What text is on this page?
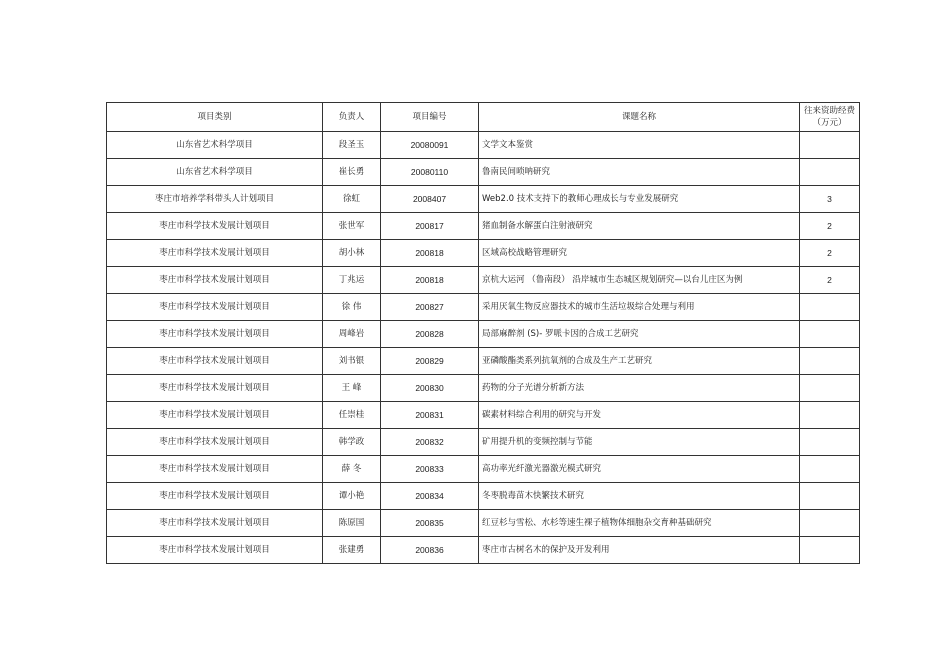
项目类别	负责人	项目编号	课题名称	往来资助经费
（万元）

山东省艺术科学项目	段圣玉	20080091	文学文本鉴赏	
山东省艺术科学项目	崔长勇	20080110	鲁南民间唢呐研究	
枣庄市培养学科带头人计划项目	徐虹	2008407	Web2.0 技术支持下的教师心理成长与专业发展研究	3
枣庄市科学技术发展计划项目	张世军	200817	猪血制备水解蛋白注射液研究	2
枣庄市科学技术发展计划项目	胡小林	200818	区域高校战略管理研究	2
枣庄市科学技术发展计划项目	丁兆运	200818	京杭大运河 （鲁南段） 沿岸城市生态城区规划研究—以台儿庄区为例	2
枣庄市科学技术发展计划项目	徐 伟	200827	采用厌氧生物反应器技术的城市生活垃圾综合处理与利用	
枣庄市科学技术发展计划项目	周峰岩	200828	局部麻醉剂 (S)- 罗哌卡因的合成工艺研究	
枣庄市科学技术发展计划项目	刘书银	200829	亚磷酸酯类系列抗氧剂的合成及生产工艺研究	
枣庄市科学技术发展计划项目	王 峰	200830	药物的分子光谱分析新方法	
枣庄市科学技术发展计划项目	任崇桂	200831	碳素材料综合利用的研究与开发	
枣庄市科学技术发展计划项目	韩学政	200832	矿用提升机的变频控制与节能	
枣庄市科学技术发展计划项目	薛 冬	200833	高功率光纤激光器激光模式研究	
枣庄市科学技术发展计划项目	谭小艳	200834	冬枣脱毒苗木快繁技术研究	
枣庄市科学技术发展计划项目	陈原国	200835	红豆杉与雪松、水杉等速生裸子植物体细胞杂交育种基础研究	
枣庄市科学技术发展计划项目	张建勇	200836	枣庄市古树名木的保护及开发利用	
